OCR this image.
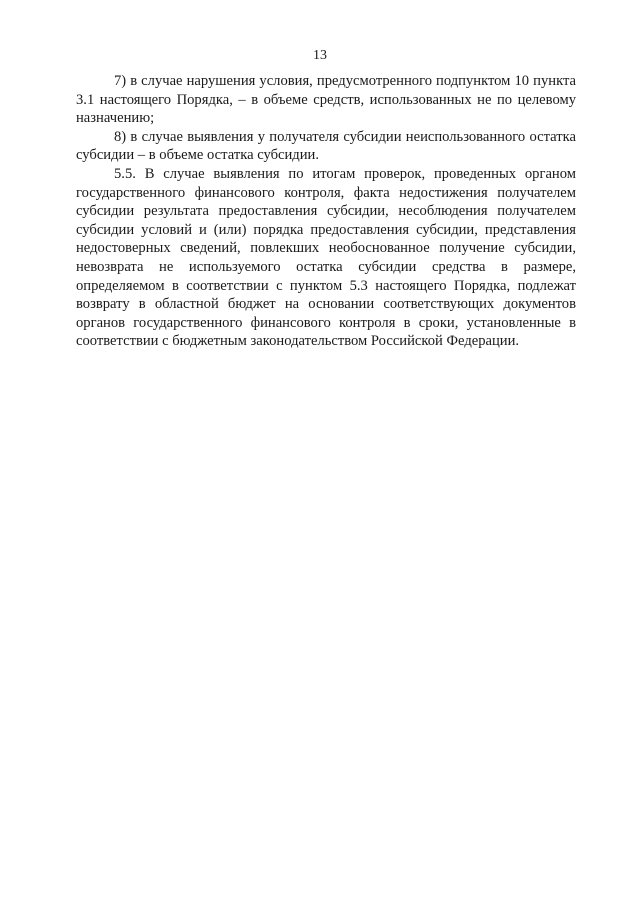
13

7) в случае нарушения условия, предусмотренного подпунктом 10 пункта 3.1 настоящего Порядка, – в объеме средств, использованных не по целевому назначению;

8) в случае выявления у получателя субсидии неиспользованного остатка субсидии – в объеме остатка субсидии.

5.5. В случае выявления по итогам проверок, проведенных органом государственного финансового контроля, факта недостижения получателем субсидии результата предоставления субсидии, несоблюдения получателем субсидии условий и (или) порядка предоставления субсидии, представления недостоверных сведений, повлекших необоснованное получение субсидии, невозврата не используемого остатка субсидии средства в размере, определяемом в соответствии с пунктом 5.3 настоящего Порядка, подлежат возврату в областной бюджет на основании соответствующих документов органов государственного финансового контроля в сроки, установленные в соответствии с бюджетным законодательством Российской Федерации.
